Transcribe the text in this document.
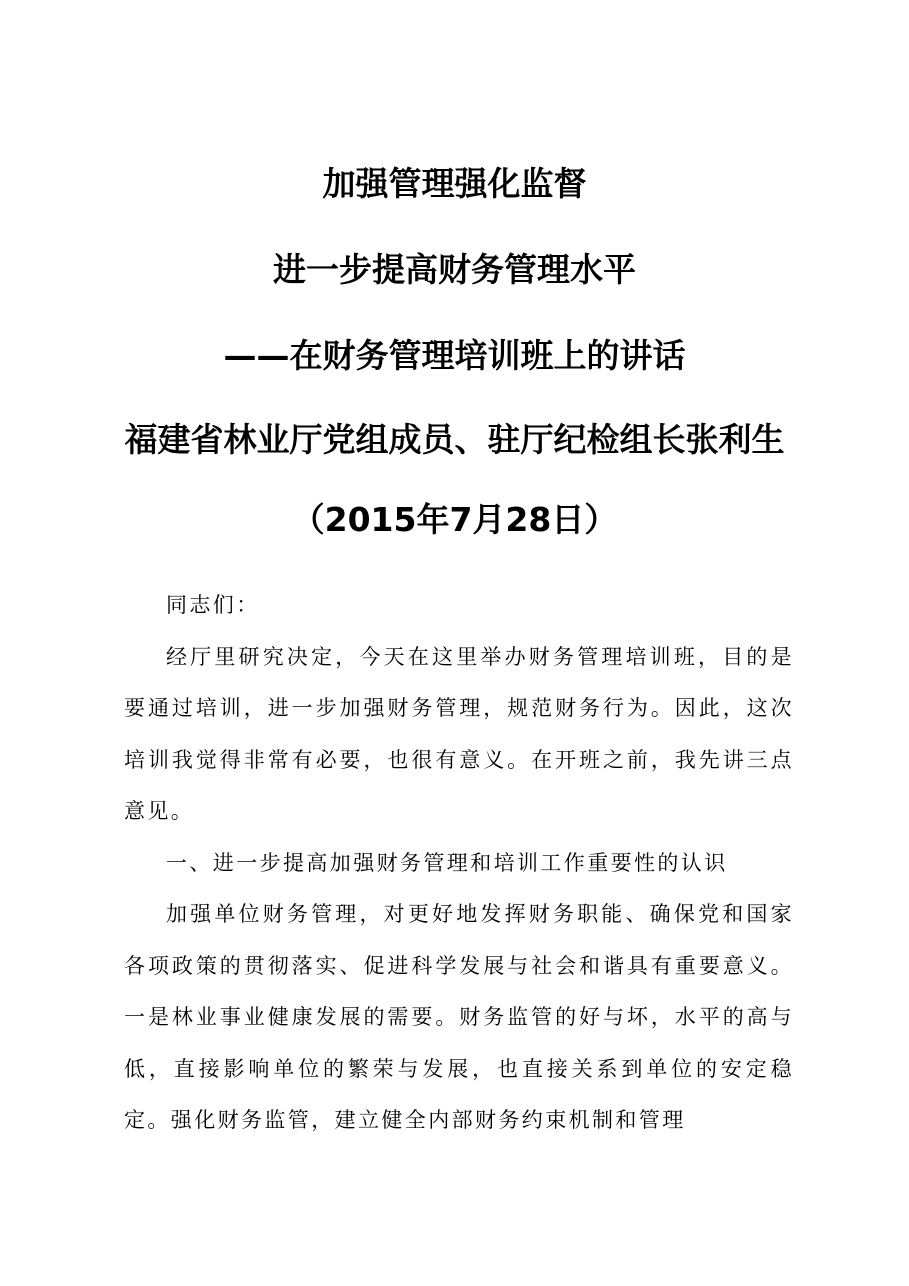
加强管理强化监督
进一步提高财务管理水平
——在财务管理培训班上的讲话
福建省林业厅党组成员、驻厅纪检组长张利生
（2015年7月28日）

同志们：

经厅里研究决定，今天在这里举办财务管理培训班，目的是要通过培训，进一步加强财务管理，规范财务行为。因此，这次培训我觉得非常有必要，也很有意义。在开班之前，我先讲三点意见。

一、进一步提高加强财务管理和培训工作重要性的认识

加强单位财务管理，对更好地发挥财务职能、确保党和国家各项政策的贯彻落实、促进科学发展与社会和谐具有重要意义。一是林业事业健康发展的需要。财务监管的好与坏，水平的高与低，直接影响单位的繁荣与发展，也直接关系到单位的安定稳定。强化财务监管，建立健全内部财务约束机制和管理
